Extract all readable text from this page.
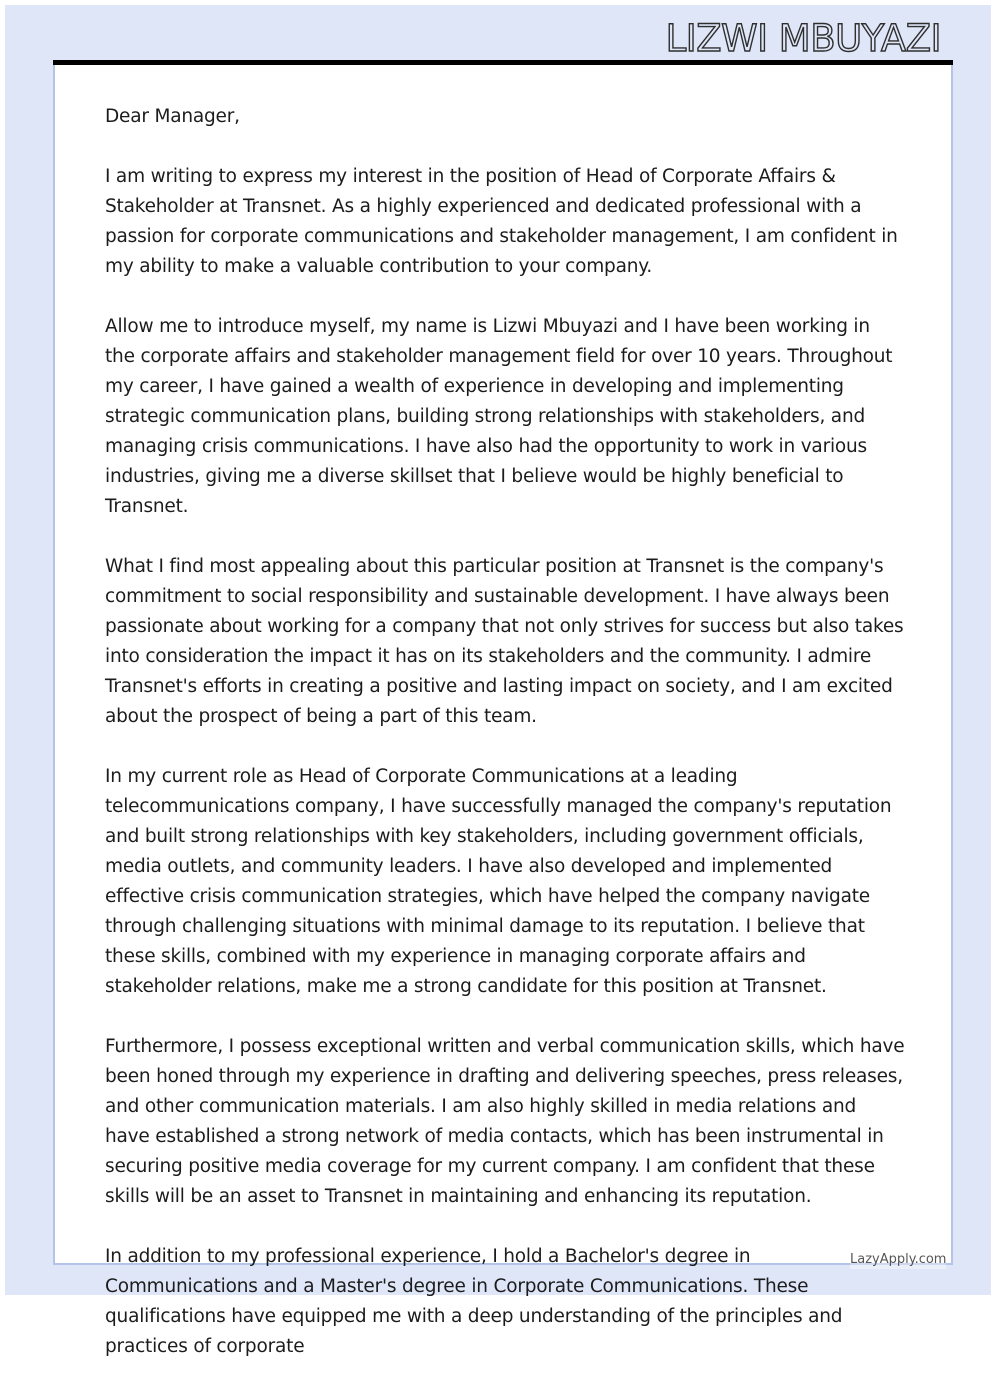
LIZWI MBUYAZI

Dear Manager,

I am writing to express my interest in the position of Head of Corporate Affairs & Stakeholder at Transnet. As a highly experienced and dedicated professional with a passion for corporate communications and stakeholder management, I am confident in my ability to make a valuable contribution to your company.

Allow me to introduce myself, my name is Lizwi Mbuyazi and I have been working in the corporate affairs and stakeholder management field for over 10 years. Throughout my career, I have gained a wealth of experience in developing and implementing strategic communication plans, building strong relationships with stakeholders, and managing crisis communications. I have also had the opportunity to work in various industries, giving me a diverse skillset that I believe would be highly beneficial to Transnet.

What I find most appealing about this particular position at Transnet is the company's commitment to social responsibility and sustainable development. I have always been passionate about working for a company that not only strives for success but also takes into consideration the impact it has on its stakeholders and the community. I admire Transnet's efforts in creating a positive and lasting impact on society, and I am excited about the prospect of being a part of this team.

In my current role as Head of Corporate Communications at a leading telecommunications company, I have successfully managed the company's reputation and built strong relationships with key stakeholders, including government officials, media outlets, and community leaders. I have also developed and implemented effective crisis communication strategies, which have helped the company navigate through challenging situations with minimal damage to its reputation. I believe that these skills, combined with my experience in managing corporate affairs and stakeholder relations, make me a strong candidate for this position at Transnet.

Furthermore, I possess exceptional written and verbal communication skills, which have been honed through my experience in drafting and delivering speeches, press releases, and other communication materials. I am also highly skilled in media relations and have established a strong network of media contacts, which has been instrumental in securing positive media coverage for my current company. I am confident that these skills will be an asset to Transnet in maintaining and enhancing its reputation.

In addition to my professional experience, I hold a Bachelor's degree in Communications and a Master's degree in Corporate Communications. These qualifications have equipped me with a deep understanding of the principles and practices of corporate

LazyApply.com
